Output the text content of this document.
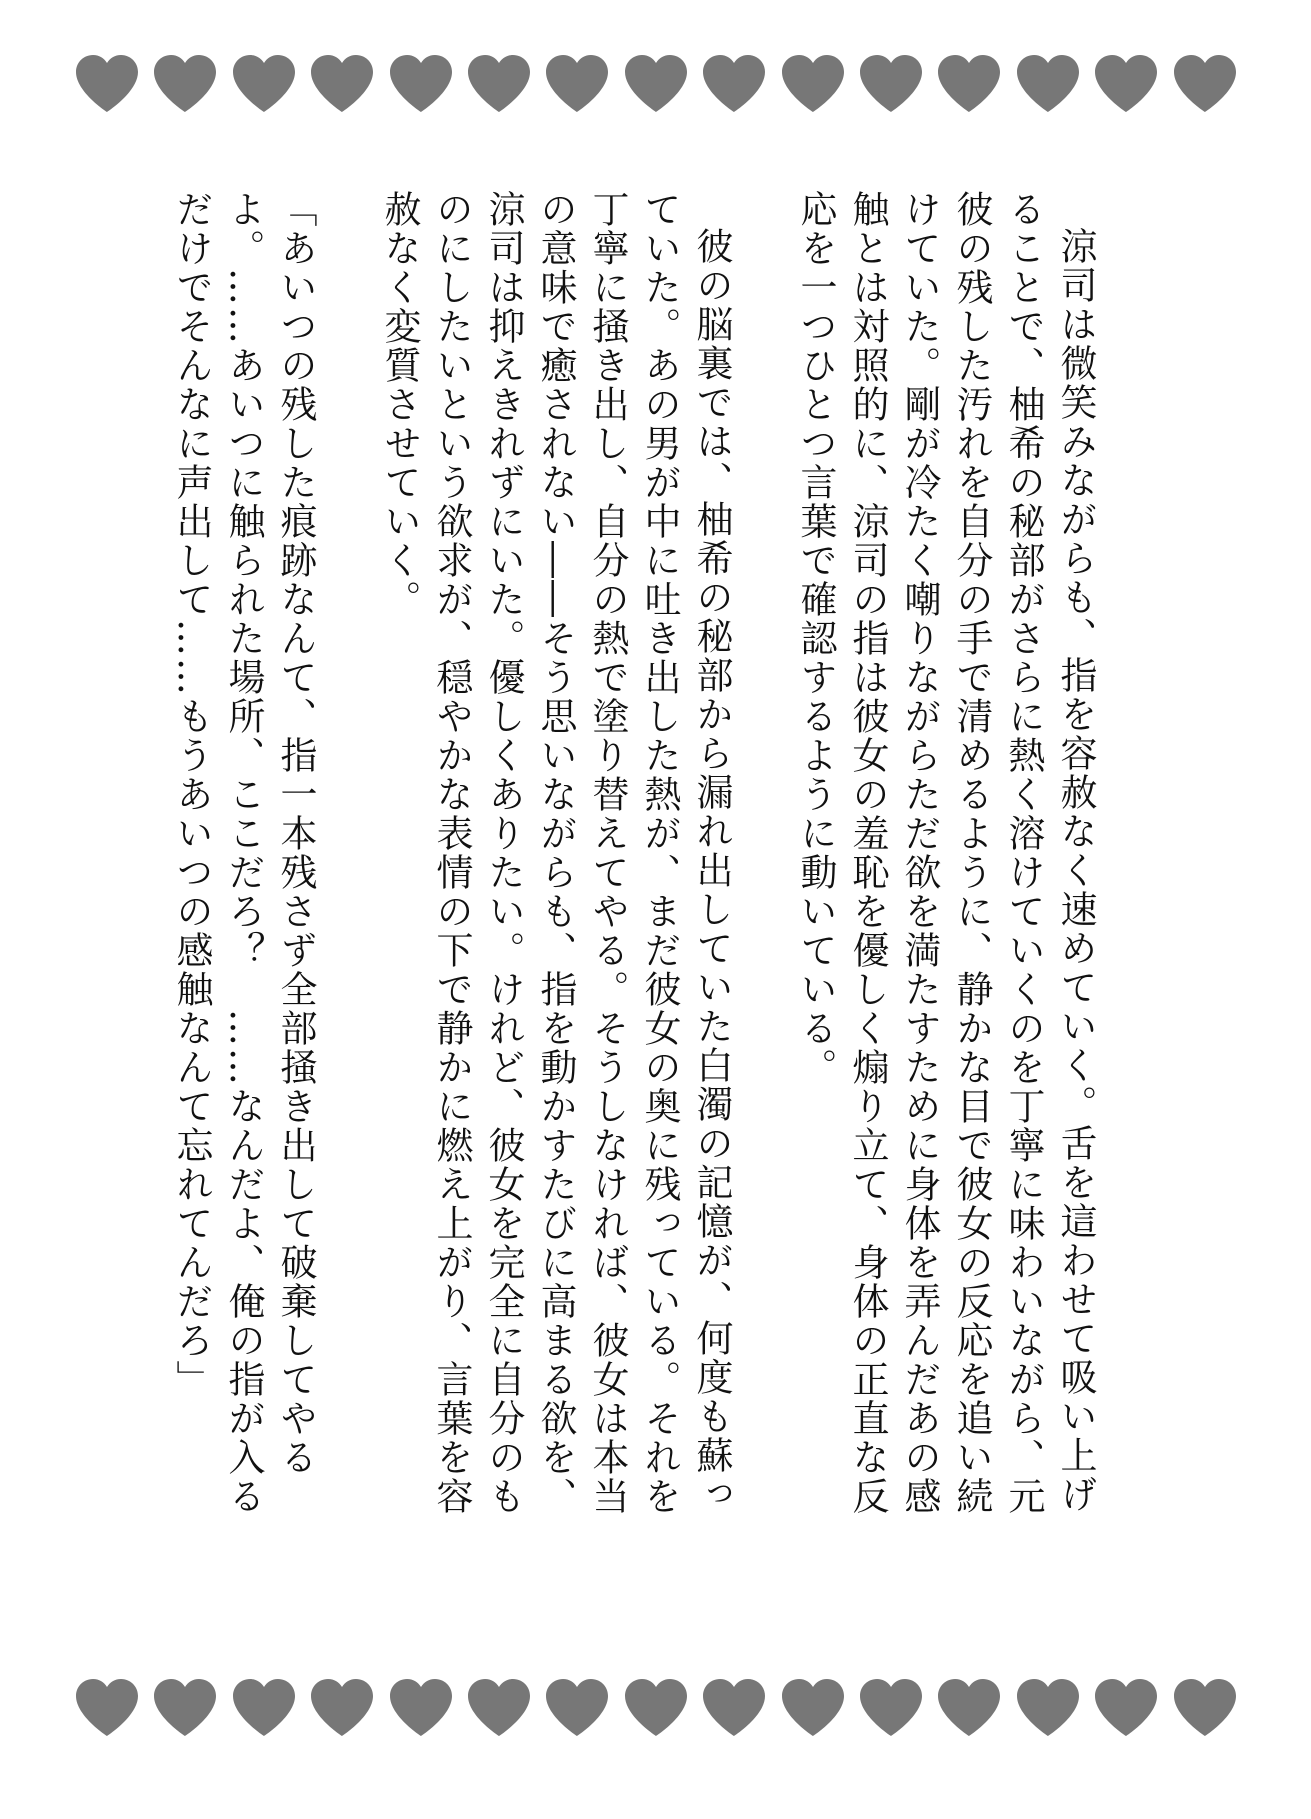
涼司は微笑みながらも、指を容赦なく速めていく。舌を這わせて吸い上げることで、柚希の秘部がさらに熱く溶けていくのを丁寧に味わいながら、元彼の残した汚れを自分の手で清めるように、静かな目で彼女の反応を追い続けていた。剛が冷たく嘲りながらただ欲を満たすために身体を弄んだあの感触とは対照的に、涼司の指は彼女の羞恥を優しく煽り立て、身体の正直な反応を一つひとつ言葉で確認するように動いている。

彼の脳裏では、柚希の秘部から漏れ出していた白濁の記憶が、何度も蘇っていた。あの男が中に吐き出した熱が、まだ彼女の奥に残っている。それを丁寧に掻き出し、自分の熱で塗り替えてやる。そうしなければ、彼女は本当の意味で癒されない――そう思いながらも、指を動かすたびに高まる欲を、涼司は抑えきれずにいた。優しくありたい。けれど、彼女を完全に自分のものにしたいという欲求が、穏やかな表情の下で静かに燃え上がり、言葉を容赦なく変質させていく。

「あいつの残した痕跡なんて、指一本残さず全部掻き出して破棄してやるよ。……あいつに触られた場所、ここだろ？　……なんだよ、俺の指が入るだけでそんなに声出して……もうあいつの感触なんて忘れてんだろ」
